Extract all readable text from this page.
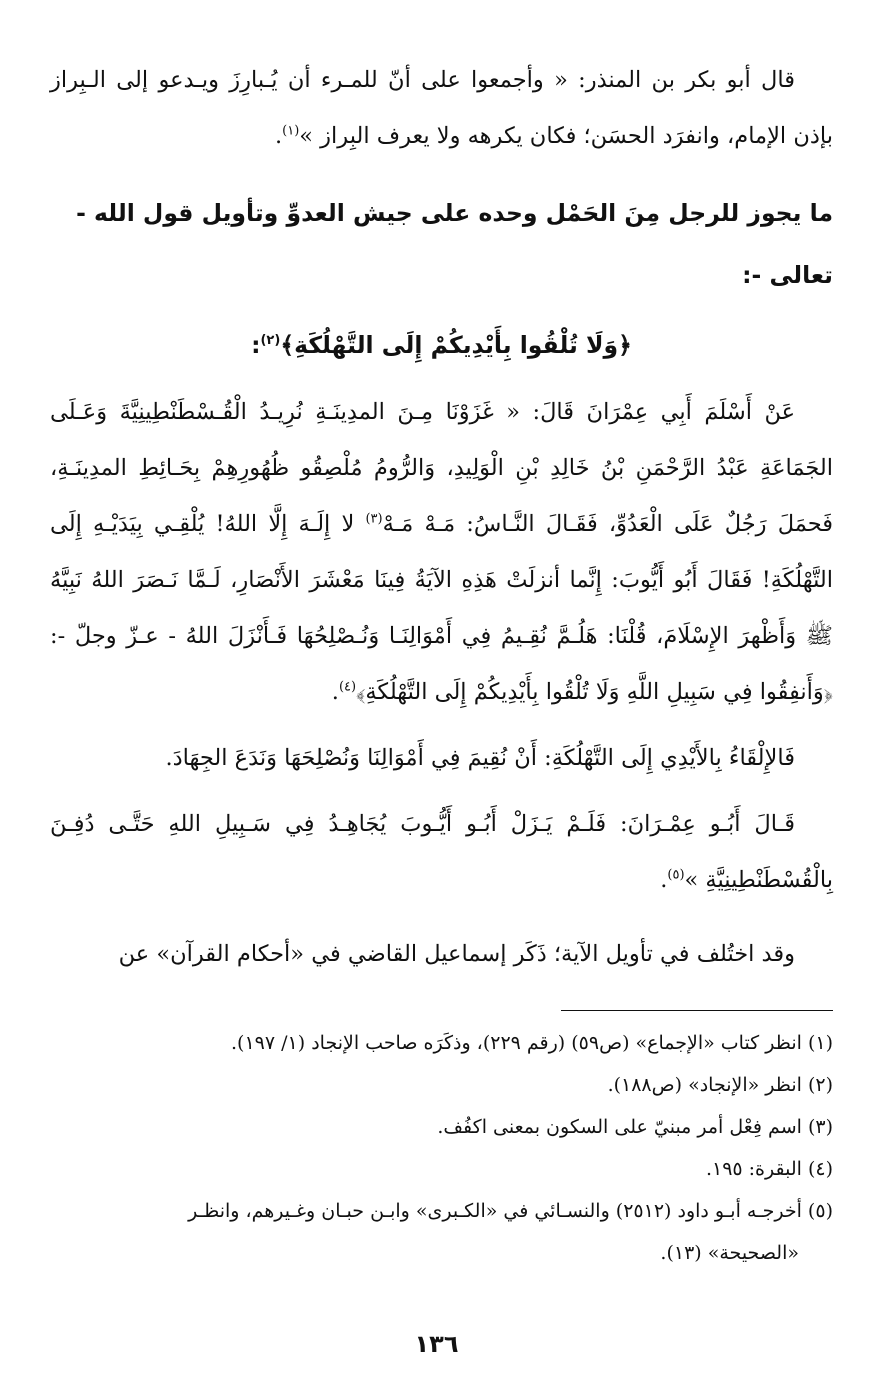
قال أبو بكر بن المنذر: « وأجمعوا على أنّ للمـرء أن يُـبارِزَ ويـدعو إلى الـبِراز بإذن الإمام، وانفرَد الحسَن؛ فكان يكرهه ولا يعرف البِراز »$^{(١)}$.

ما يجوز للرجل مِنَ الحَمْل وحده على جيش العدوِّ وتأويل قول الله - تعالى -:
﴿وَلَا تُلْقُوا بِأَيْدِيكُمْ إِلَى التَّهْلُكَةِ﴾$^{(٢)}$:

عَنْ أَسْلَمَ أَبِي عِمْرَانَ قَالَ: « غَزَوْنَا مِـنَ المدِينَـةِ نُرِيـدُ الْقُـسْطَنْطِينِيَّةَ وَعَـلَى الجَمَاعَةِ عَبْدُ الرَّحْمَنِ بْنُ خَالِدِ بْنِ الْوَلِيدِ، وَالرُّومُ مُلْصِقُو ظُهُورِهِمْ بِحَـائِطِ المدِينَـةِ، فَحمَلَ رَجُلٌ عَلَى الْعَدُوِّ، فَقَـالَ النَّـاسُ: مَـهْ مَـهْ$^{(٣)}$ لا إِلَـهَ إِلَّا اللهُ! يُلْقِـي بِيَدَيْـهِ إِلَى التَّهْلُكَةِ! فَقَالَ أَبُو أَيُّوبَ: إِنَّما أنزلَتْ هَذِهِ الآيَةُ فِينَا مَعْشَرَ الأَنْصَارِ، لَـمَّا نَـصَرَ اللهُ نَبِيَّهُ ﷺ وَأَظْهرَ الإِسْلَامَ، قُلْنَا: هَلُـمَّ نُقِـيمُ فِي أَمْوَالِنَـا وَنُـصْلِحُهَا فَـأَنْزَلَ اللهُ - عـزّ وجلّ -: ﴿وَأَنفِقُوا فِي سَبِيلِ اللَّهِ وَلَا تُلْقُوا بِأَيْدِيكُمْ إِلَى التَّهْلُكَةِ﴾$^{(٤)}$.

فَالإِلْقَاءُ بِالأَيْدِي إِلَى التَّهْلُكَةِ: أَنْ نُقِيمَ فِي أَمْوَالِنَا وَنُصْلِحَهَا وَنَدَعَ الجِهَادَ.

قَـالَ أَبُـو عِمْـرَانَ: فَلَـمْ يَـزَلْ أَبُـو أَيُّـوبَ يُجَاهِـدُ فِي سَـبِيلِ اللهِ حَتَّـى دُفِـنَ بِالْقُسْطَنْطِينِيَّةِ »$^{(٥)}$.

وقد اختُلف في تأويل الآية؛ ذَكَر إسماعيل القاضي في «أحكام القرآن» عن

(١) انظر كتاب «الإجماع» (ص٥٩) (رقم ٢٢٩)، وذكَرَه صاحب الإنجاد (١/ ١٩٧).

(٢) انظر «الإنجاد» (ص١٨٨).

(٣) اسم فِعْل أمر مبنيّ على السكون بمعنى اكفُف.

(٤) البقرة: ١٩٥.

(٥) أخرجـه أبـو داود (٢٥١٢) والنسـائي في «الكـبرى» وابـن حبـان وغـيرهم، وانظـر

«الصحيحة» (١٣).

١٣٦
